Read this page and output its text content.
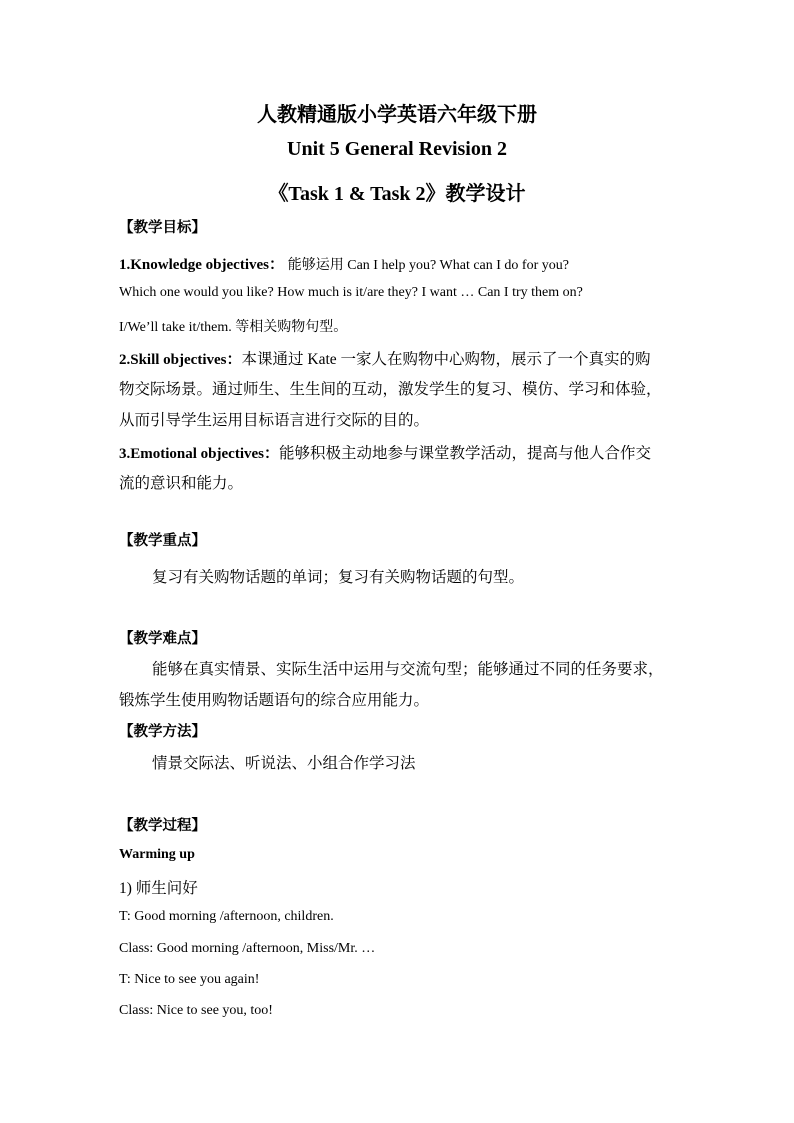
人教精通版小学英语六年级下册
Unit 5 General Revision 2
《Task 1 & Task 2》教学设计
【教学目标】
1.Knowledge objectives： 能够运用 Can I help you? What can I do for you?
Which one would you like? How much is it/are they? I want … Can I try them on?
I/We’ll take it/them. 等相关购物句型。
2.Skill objectives：本课通过 Kate 一家人在购物中心购物，展示了一个真实的购
物交际场景。通过师生、生生间的互动，激发学生的复习、模仿、学习和体验，
从而引导学生运用目标语言进行交际的目的。
3.Emotional objectives：能够积极主动地参与课堂教学活动，提高与他人合作交
流的意识和能力。
【教学重点】
复习有关购物话题的单词；复习有关购物话题的句型。
【教学难点】
能够在真实情景、实际生活中运用与交流句型；能够通过不同的任务要求，
锻炼学生使用购物话题语句的综合应用能力。
【教学方法】
情景交际法、听说法、小组合作学习法
【教学过程】
Warming up
1) 师生问好
T: Good morning /afternoon, children.
Class: Good morning /afternoon, Miss/Mr. …
T: Nice to see you again!
Class: Nice to see you, too!
